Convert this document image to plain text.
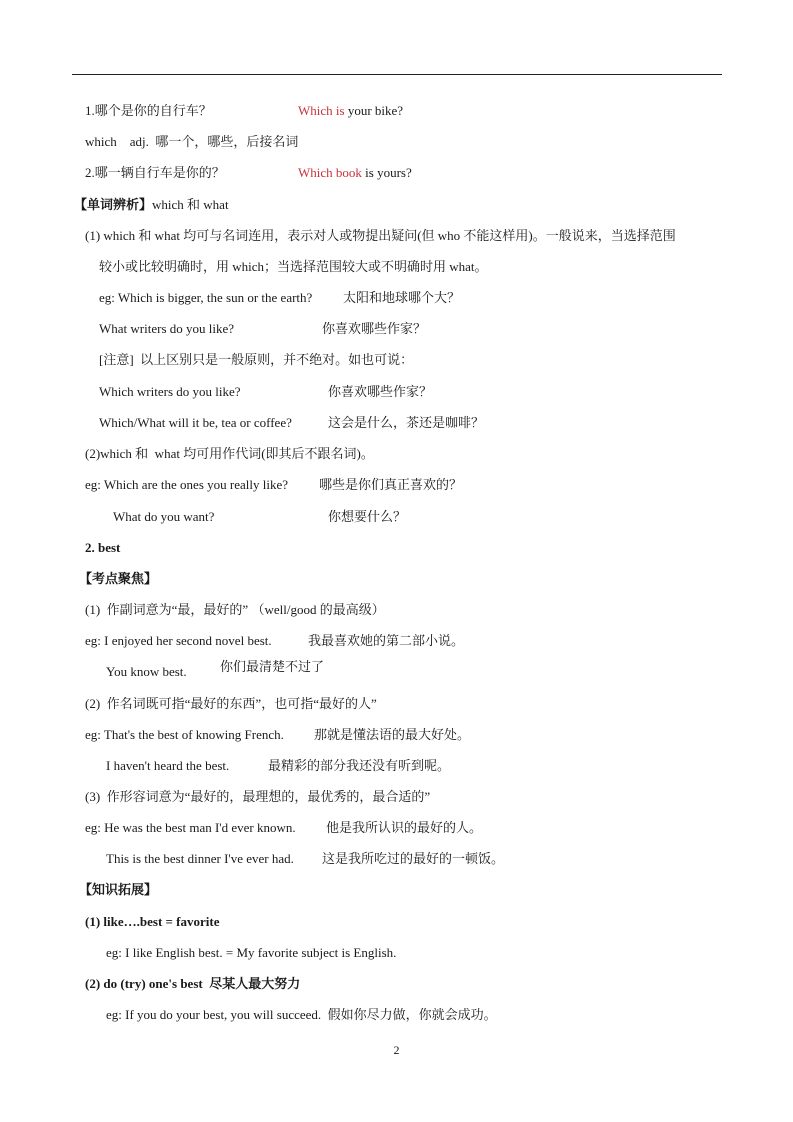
1.哪个是你的自行车？	Which is your bike?
which    adj.  哪一个，哪些，后接名词
2.哪一辆自行车是你的？	Which book is yours?
【单词辨析】which 和 what
(1) which 和 what 均可与名词连用，表示对人或物提出疑问(但 who 不能这样用)。一般说来，当选择范围
较小或比较明确时，用 which；当选择范围较大或不明确时用 what。
eg: Which is bigger, the sun or the earth? 太阳和地球哪个大？
What writers do you like?	你喜欢哪些作家？
[注意]  以上区别只是一般原则，并不绝对。如也可说：
Which writers do you like?	你喜欢哪些作家？
Which/What will it be, tea or coffee?	这会是什么，茶还是咖啡？
(2)which 和  what 均可用作代词(即其后不跟名词)。
eg: Which are the ones you really like? 哪些是你们真正喜欢的？
What do you want?	你想要什么？
2. best
【考点聚焦】
(1)  作副词意为“最，最好的” （well/good 的最高级）
eg: I enjoyed her second novel best.	我最喜欢她的第二部小说。
You know best.	你们最清楚不过了
(2)  作名词既可指“最好的东西”，也可指“最好的人”
eg: That's the best of knowing French. 那就是懂法语的最大好处。
I haven't heard the best.	最精彩的部分我还没有听到呢。
(3)  作形容词意为“最好的，最理想的，最优秀的，最合适的”
eg: He was the best man I'd ever known. 他是我所认识的最好的人。
This is the best dinner I've ever had. 这是我所吃过的最好的一顿饭。
【知识拓展】
(1) like….best = favorite
eg: I like English best. = My favorite subject is English.
(2) do (try) one's best  尽某人最大努力
eg: If you do your best, you will succeed.  假如你尽力做，你就会成功。
2
